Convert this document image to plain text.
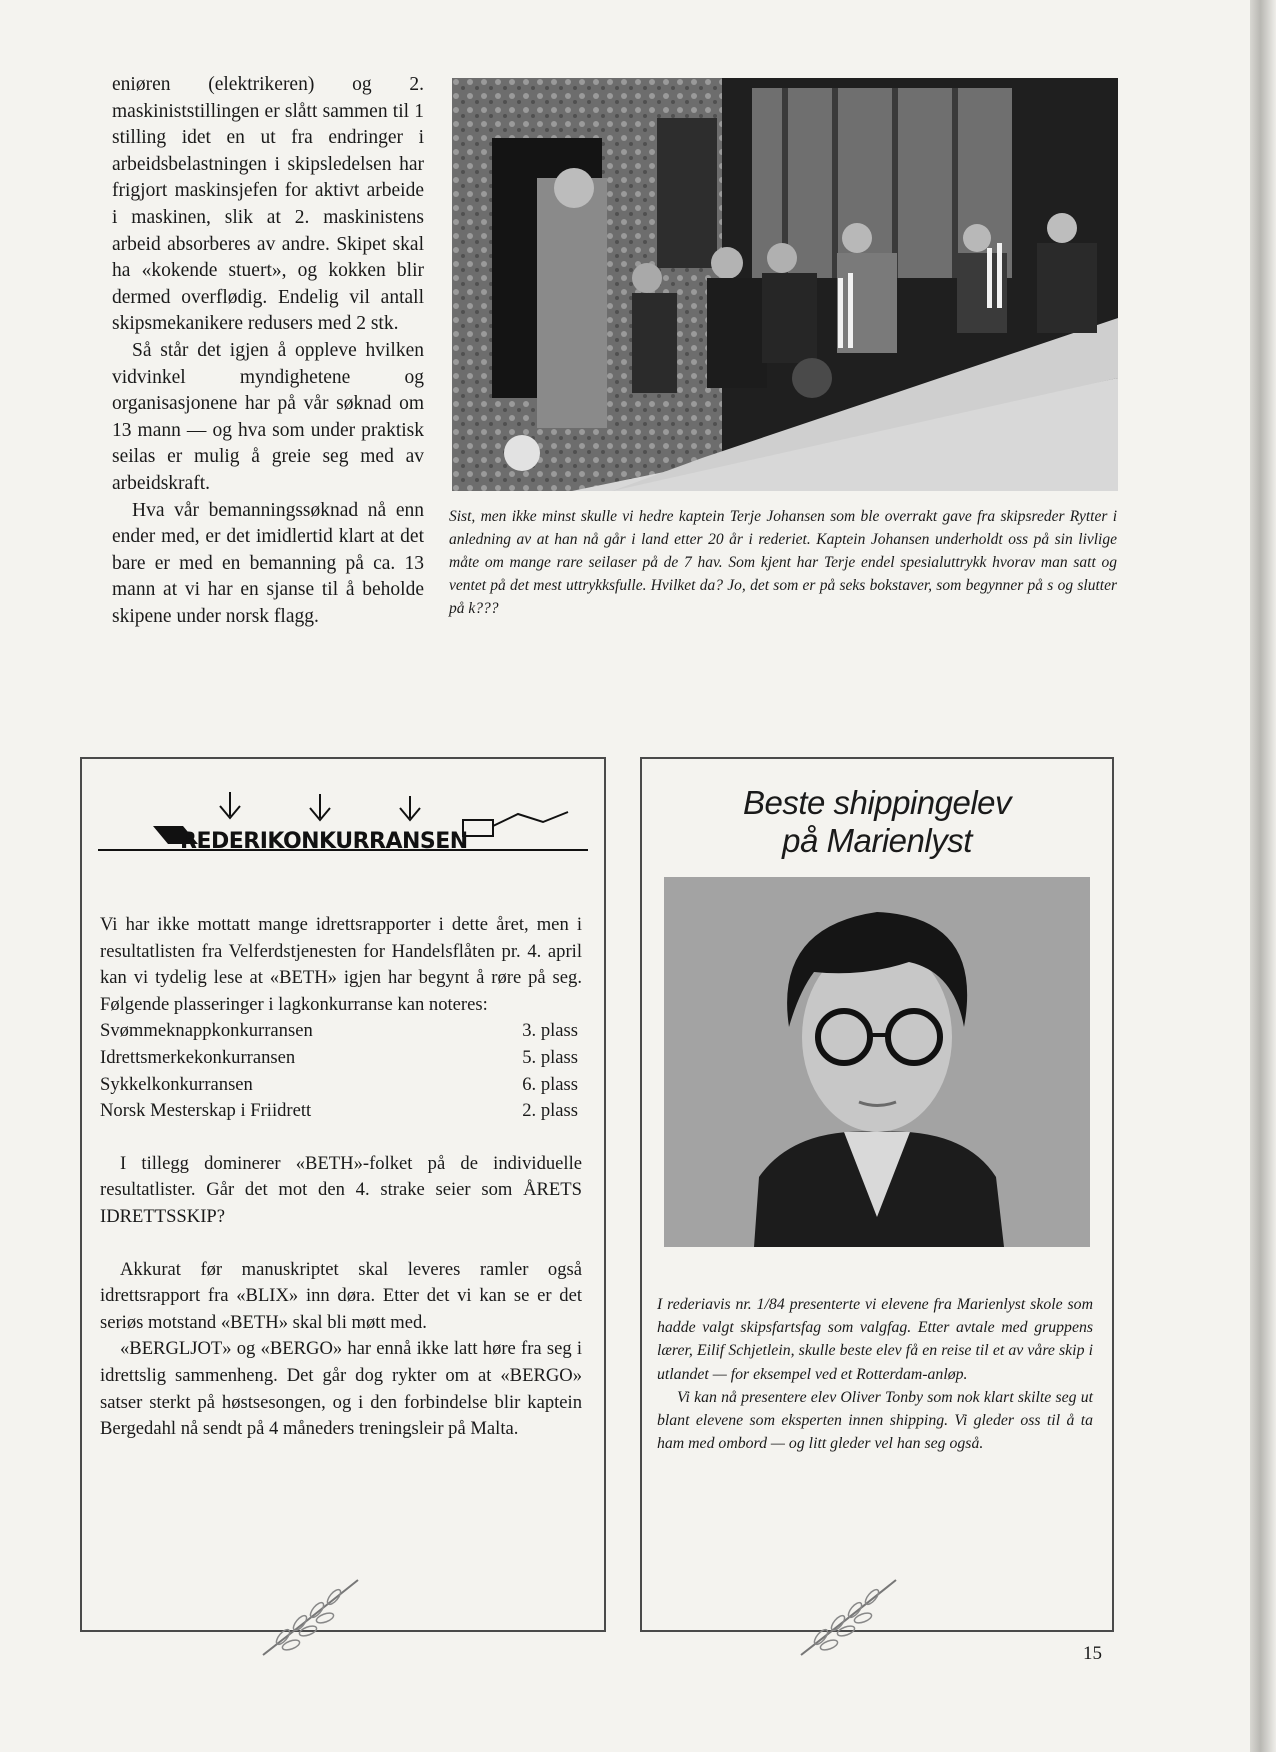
eniøren (elektrikeren) og 2. maskiniststillingen er slått sammen til 1 stilling idet en ut fra endringer i arbeidsbelastningen i skipsledelsen har frigjort maskinsjefen for aktivt arbeide i maskinen, slik at 2. maskinistens arbeid absorberes av andre. Skipet skal ha «kokende stuert», og kokken blir dermed overflødig. Endelig vil antall skipsmekanikere redusers med 2 stk.

Så står det igjen å oppleve hvilken vidvinkel myndighetene og organisasjonene har på vår søknad om 13 mann — og hva som under praktisk seilas er mulig å greie seg med av arbeidskraft.

Hva vår bemanningssøknad nå enn ender med, er det imidlertid klart at det bare er med en bemanning på ca. 13 mann at vi har en sjanse til å beholde skipene under norsk flagg.

Sist, men ikke minst skulle vi hedre kaptein Terje Johansen som ble overrakt gave fra skipsreder Rytter i anledning av at han nå går i land etter 20 år i rederiet. Kaptein Johansen underholdt oss på sin livlige måte om mange rare seilaser på de 7 hav. Som kjent har Terje endel spesialuttrykk hvorav man satt og ventet på det mest uttrykksfulle. Hvilket da? Jo, det som er på seks bokstaver, som begynner på s og slutter på k???
REDERIKONKURRANSEN

Vi har ikke mottatt mange idrettsrapporter i dette året, men i resultatlisten fra Velferdstjenesten for Handelsflåten pr. 4. april kan vi tydelig lese at «BETH» igjen har begynt å røre på seg. Følgende plasseringer i lagkonkurranse kan noteres:

Svømmeknappkonkurransen	3. plass
Idrettsmerkekonkurransen	5. plass
Sykkelkonkurransen	6. plass
Norsk Mesterskap i Friidrett	2. plass

I tillegg dominerer «BETH»-folket på de individuelle resultatlister. Går det mot den 4. strake seier som ÅRETS IDRETTSSKIP?

Akkurat før manuskriptet skal leveres ramler også idrettsrapport fra «BLIX» inn døra. Etter det vi kan se er det seriøs motstand «BETH» skal bli møtt med.

«BERGLJOT» og «BERGO» har ennå ikke latt høre fra seg i idrettslig sammenheng. Det går dog rykter om at «BERGO» satser sterkt på høstsesongen, og i den forbindelse blir kaptein Bergedahl nå sendt på 4 måneders treningsleir på Malta.

Beste shippingelev
på Marienlyst

I rederiavis nr. 1/84 presenterte vi elevene fra Marienlyst skole som hadde valgt skipsfartsfag som valgfag. Etter avtale med gruppens lærer, Eilif Schjetlein, skulle beste elev få en reise til et av våre skip i utlandet — for eksempel ved et Rotterdam-anløp.

Vi kan nå presentere elev Oliver Tonby som nok klart skilte seg ut blant elevene som eksperten innen shipping. Vi gleder oss til å ta ham med ombord — og litt gleder vel han seg også.

15
